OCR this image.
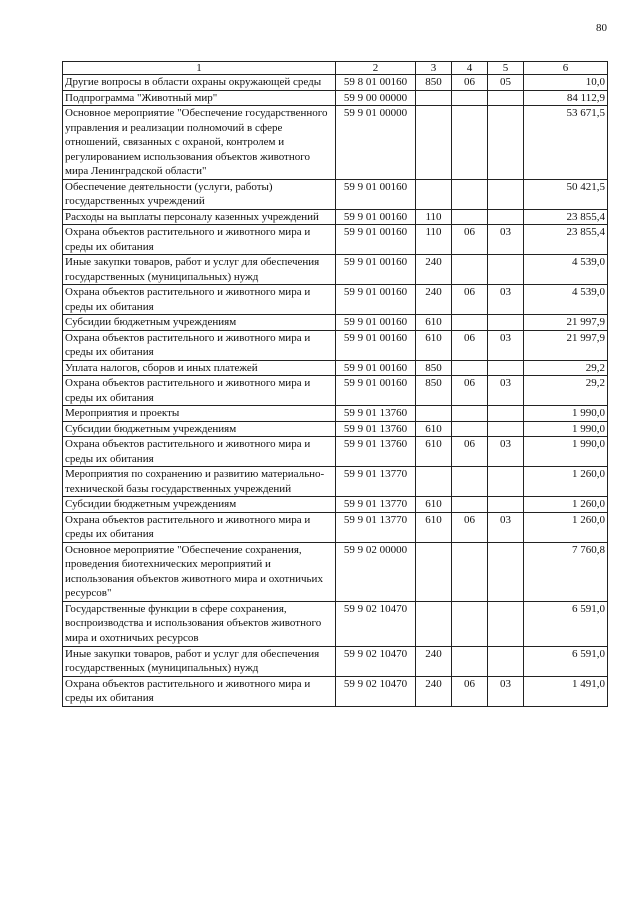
80
1	2	3	4	5	6
Другие вопросы в области охраны окружающей среды	59 8 01 00160	850	06	05	10,0
Подпрограмма "Животный мир"	59 9 00 00000				84 112,9
Основное мероприятие "Обеспечение государственного управления и реализации полномочий в сфере отношений, связанных с охраной, контролем и регулированием использования объектов животного мира Ленинградской области"	59 9 01 00000				53 671,5
Обеспечение деятельности (услуги, работы) государственных учреждений	59 9 01 00160				50 421,5
Расходы на выплаты персоналу казенных учреждений	59 9 01 00160	110			23 855,4
Охрана объектов растительного и животного мира и среды их обитания	59 9 01 00160	110	06	03	23 855,4
Иные закупки товаров, работ и услуг для обеспечения государственных (муниципальных) нужд	59 9 01 00160	240			4 539,0
Охрана объектов растительного и животного мира и среды их обитания	59 9 01 00160	240	06	03	4 539,0
Субсидии бюджетным учреждениям	59 9 01 00160	610			21 997,9
Охрана объектов растительного и животного мира и среды их обитания	59 9 01 00160	610	06	03	21 997,9
Уплата налогов, сборов и иных платежей	59 9 01 00160	850			29,2
Охрана объектов растительного и животного мира и среды их обитания	59 9 01 00160	850	06	03	29,2
Мероприятия и проекты	59 9 01 13760				1 990,0
Субсидии бюджетным учреждениям	59 9 01 13760	610			1 990,0
Охрана объектов растительного и животного мира и среды их обитания	59 9 01 13760	610	06	03	1 990,0
Мероприятия по сохранению и развитию материально-технической базы государственных учреждений	59 9 01 13770				1 260,0
Субсидии бюджетным учреждениям	59 9 01 13770	610			1 260,0
Охрана объектов растительного и животного мира и среды их обитания	59 9 01 13770	610	06	03	1 260,0
Основное мероприятие "Обеспечение сохранения, проведения биотехнических мероприятий и использования объектов животного мира и охотничьих ресурсов"	59 9 02 00000				7 760,8
Государственные функции в сфере сохранения, воспроизводства и использования объектов животного мира и охотничьих ресурсов	59 9 02 10470				6 591,0
Иные закупки товаров, работ и услуг для обеспечения государственных (муниципальных) нужд	59 9 02 10470	240			6 591,0
Охрана объектов растительного и животного мира и среды их обитания	59 9 02 10470	240	06	03	1 491,0
